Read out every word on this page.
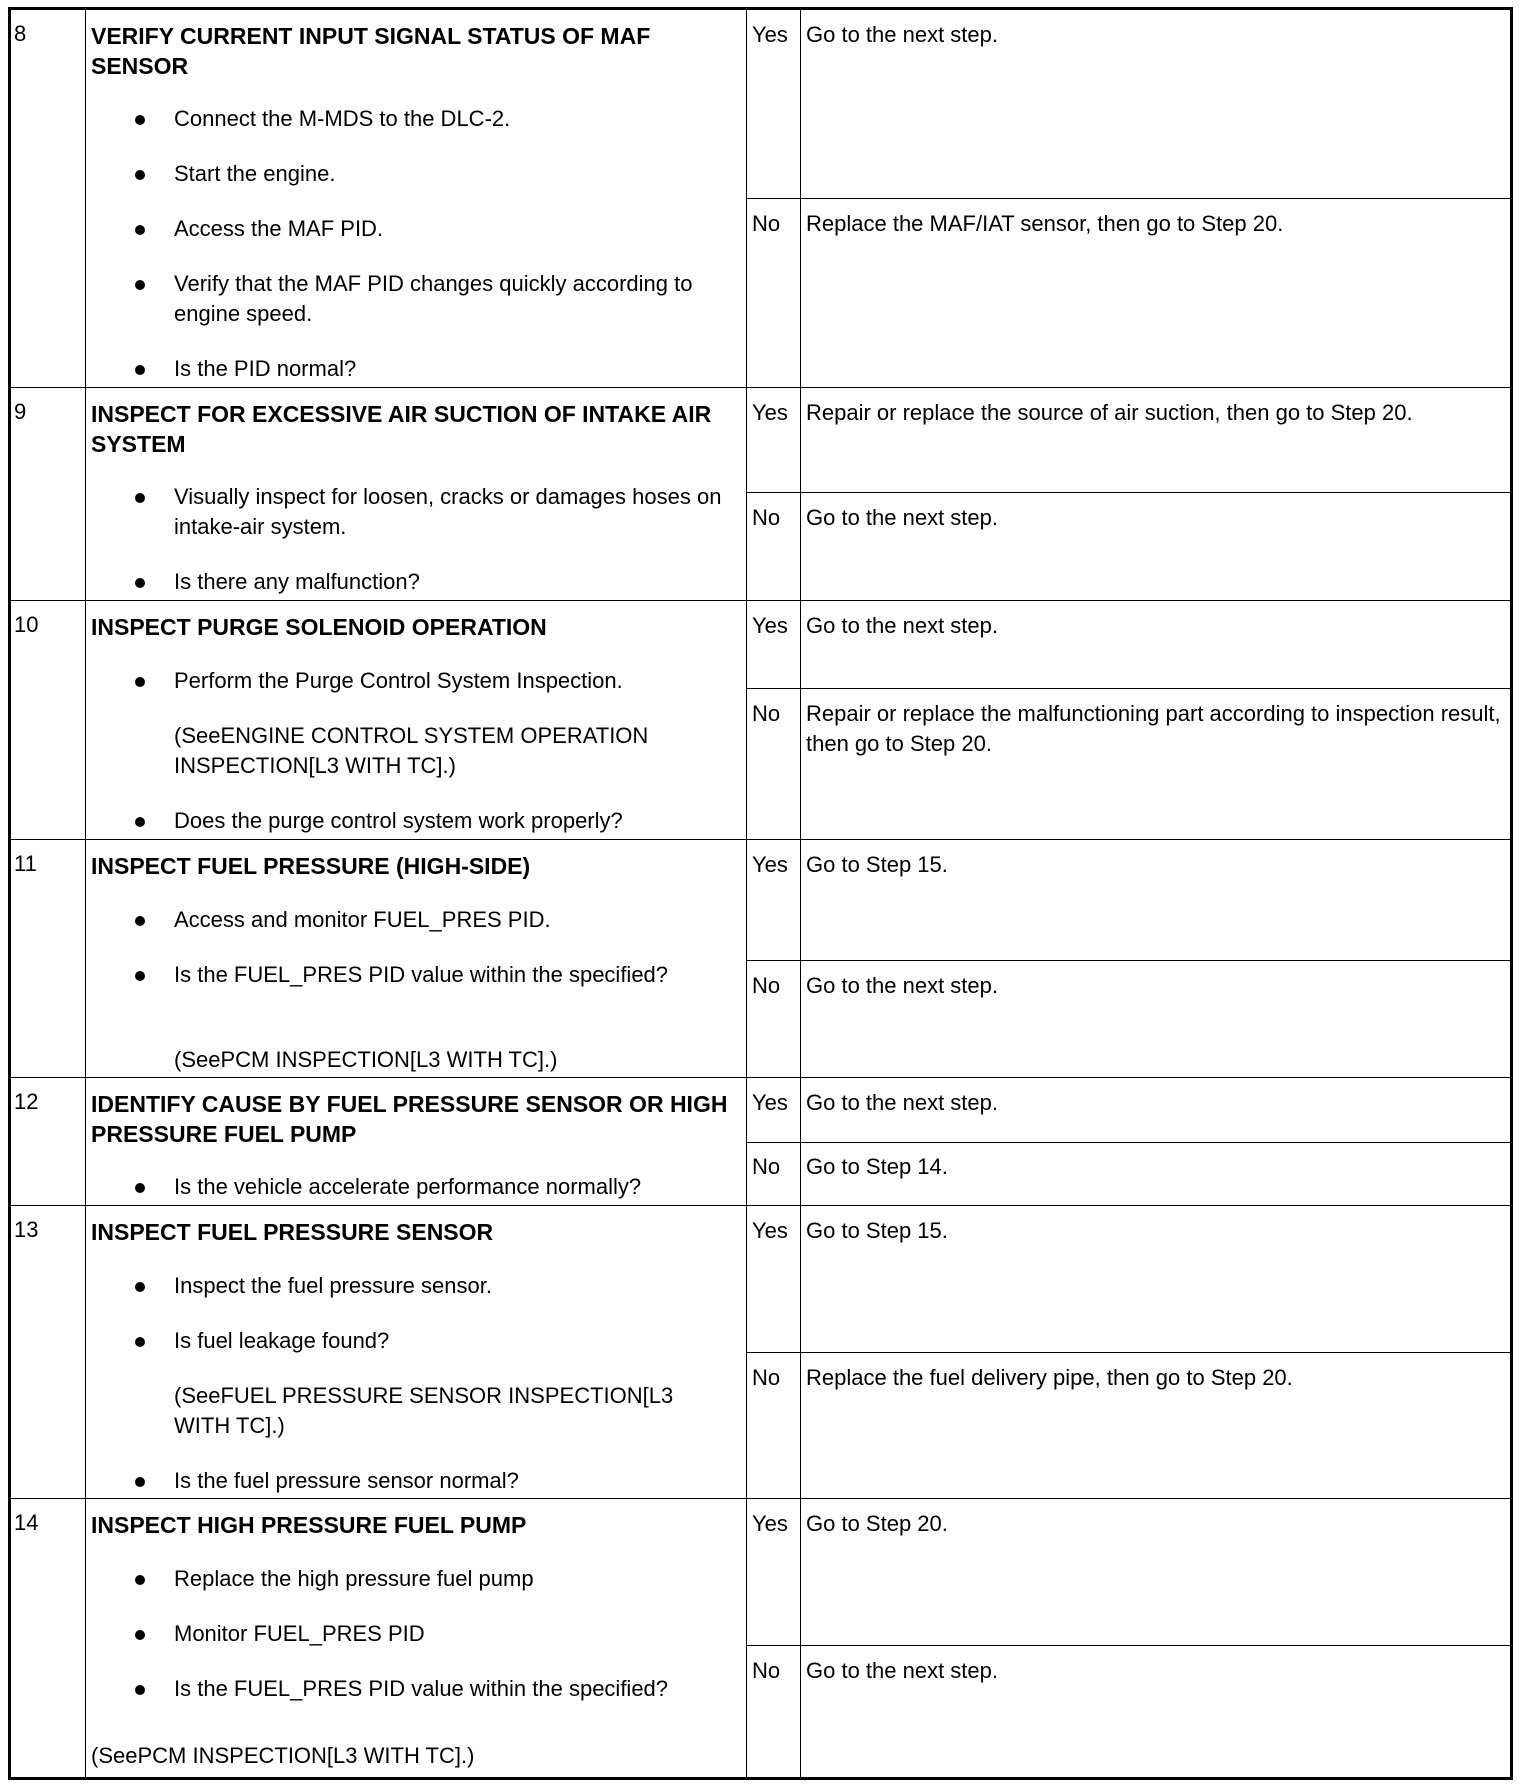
8	VERIFY CURRENT INPUT SIGNAL STATUS OF MAF SENSOR
Connect the M-MDS to the DLC-2.
Start the engine.
Access the MAF PID.
Verify that the MAF PID changes quickly according to engine speed.
Is the PID normal?
Yes Go to the next step.
No Replace the MAF/IAT sensor, then go to Step 20.
9	INSPECT FOR EXCESSIVE AIR SUCTION OF INTAKE AIR SYSTEM
Visually inspect for loosen, cracks or damages hoses on intake-air system.
Is there any malfunction?
Yes Repair or replace the source of air suction, then go to Step 20.
No Go to the next step.
10 INSPECT PURGE SOLENOID OPERATION
Perform the Purge Control System Inspection.
(SeeENGINE CONTROL SYSTEM OPERATION INSPECTION[L3 WITH TC].)
Does the purge control system work properly?
Yes Go to the next step.
No Repair or replace the malfunctioning part according to inspection result, then go to Step 20.
11 INSPECT FUEL PRESSURE (HIGH-SIDE)
Access and monitor FUEL_PRES PID.
Is the FUEL_PRES PID value within the specified?
(SeePCM INSPECTION[L3 WITH TC].)
Yes Go to Step 15.
No Go to the next step.
12 IDENTIFY CAUSE BY FUEL PRESSURE SENSOR OR HIGH PRESSURE FUEL PUMP
Is the vehicle accelerate performance normally?
Yes Go to the next step.
No Go to Step 14.
13 INSPECT FUEL PRESSURE SENSOR
Inspect the fuel pressure sensor.
Is fuel leakage found?
(SeeFUEL PRESSURE SENSOR INSPECTION[L3 WITH TC].)
Is the fuel pressure sensor normal?
Yes Go to Step 15.
No Replace the fuel delivery pipe, then go to Step 20.
14 INSPECT HIGH PRESSURE FUEL PUMP
Replace the high pressure fuel pump
Monitor FUEL_PRES PID
Is the FUEL_PRES PID value within the specified?
(SeePCM INSPECTION[L3 WITH TC].)
Yes Go to Step 20.
No Go to the next step.
